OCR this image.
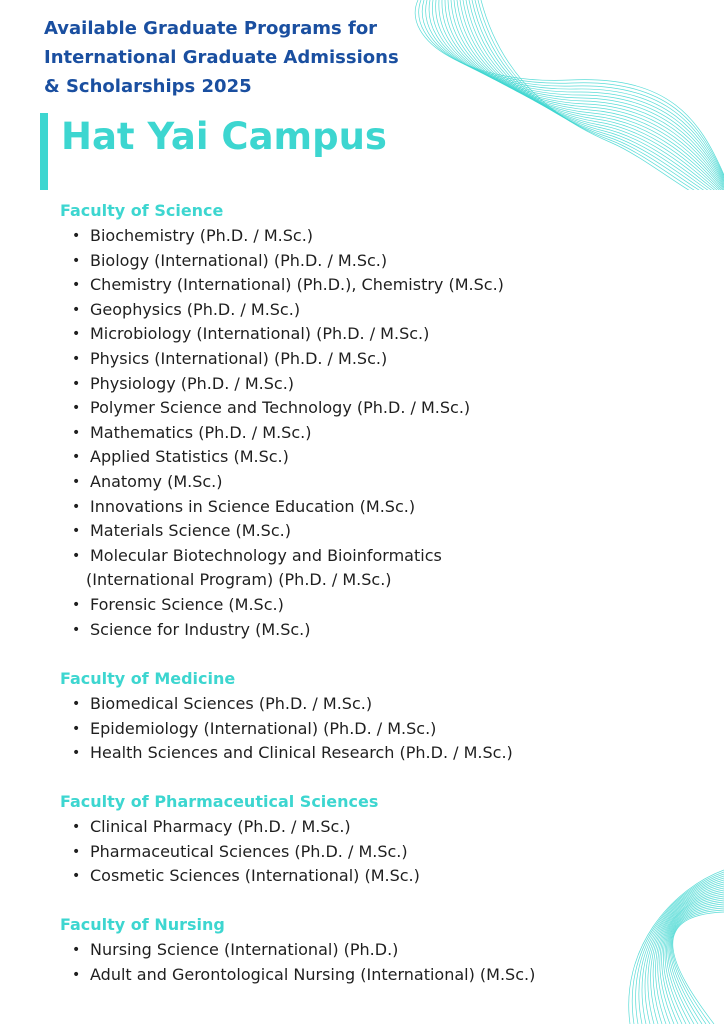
Available Graduate Programs for
International Graduate Admissions
& Scholarships 2025
Hat Yai Campus
Faculty of Science
• Biochemistry (Ph.D. / M.Sc.)
• Biology (International) (Ph.D. / M.Sc.)
• Chemistry (International) (Ph.D.), Chemistry (M.Sc.)
• Geophysics (Ph.D. / M.Sc.)
• Microbiology (International) (Ph.D. / M.Sc.)
• Physics (International) (Ph.D. / M.Sc.)
• Physiology (Ph.D. / M.Sc.)
• Polymer Science and Technology (Ph.D. / M.Sc.)
• Mathematics (Ph.D. / M.Sc.)
• Applied Statistics (M.Sc.)
• Anatomy (M.Sc.)
• Innovations in Science Education (M.Sc.)
• Materials Science (M.Sc.)
• Molecular Biotechnology and Bioinformatics
(International Program) (Ph.D. / M.Sc.)
• Forensic Science (M.Sc.)
• Science for Industry (M.Sc.)
Faculty of Medicine
• Biomedical Sciences (Ph.D. / M.Sc.)
• Epidemiology (International) (Ph.D. / M.Sc.)
• Health Sciences and Clinical Research (Ph.D. / M.Sc.)
Faculty of Pharmaceutical Sciences
• Clinical Pharmacy (Ph.D. / M.Sc.)
• Pharmaceutical Sciences (Ph.D. / M.Sc.)
• Cosmetic Sciences (International) (M.Sc.)
Faculty of Nursing
• Nursing Science (International) (Ph.D.)
• Adult and Gerontological Nursing (International) (M.Sc.)
